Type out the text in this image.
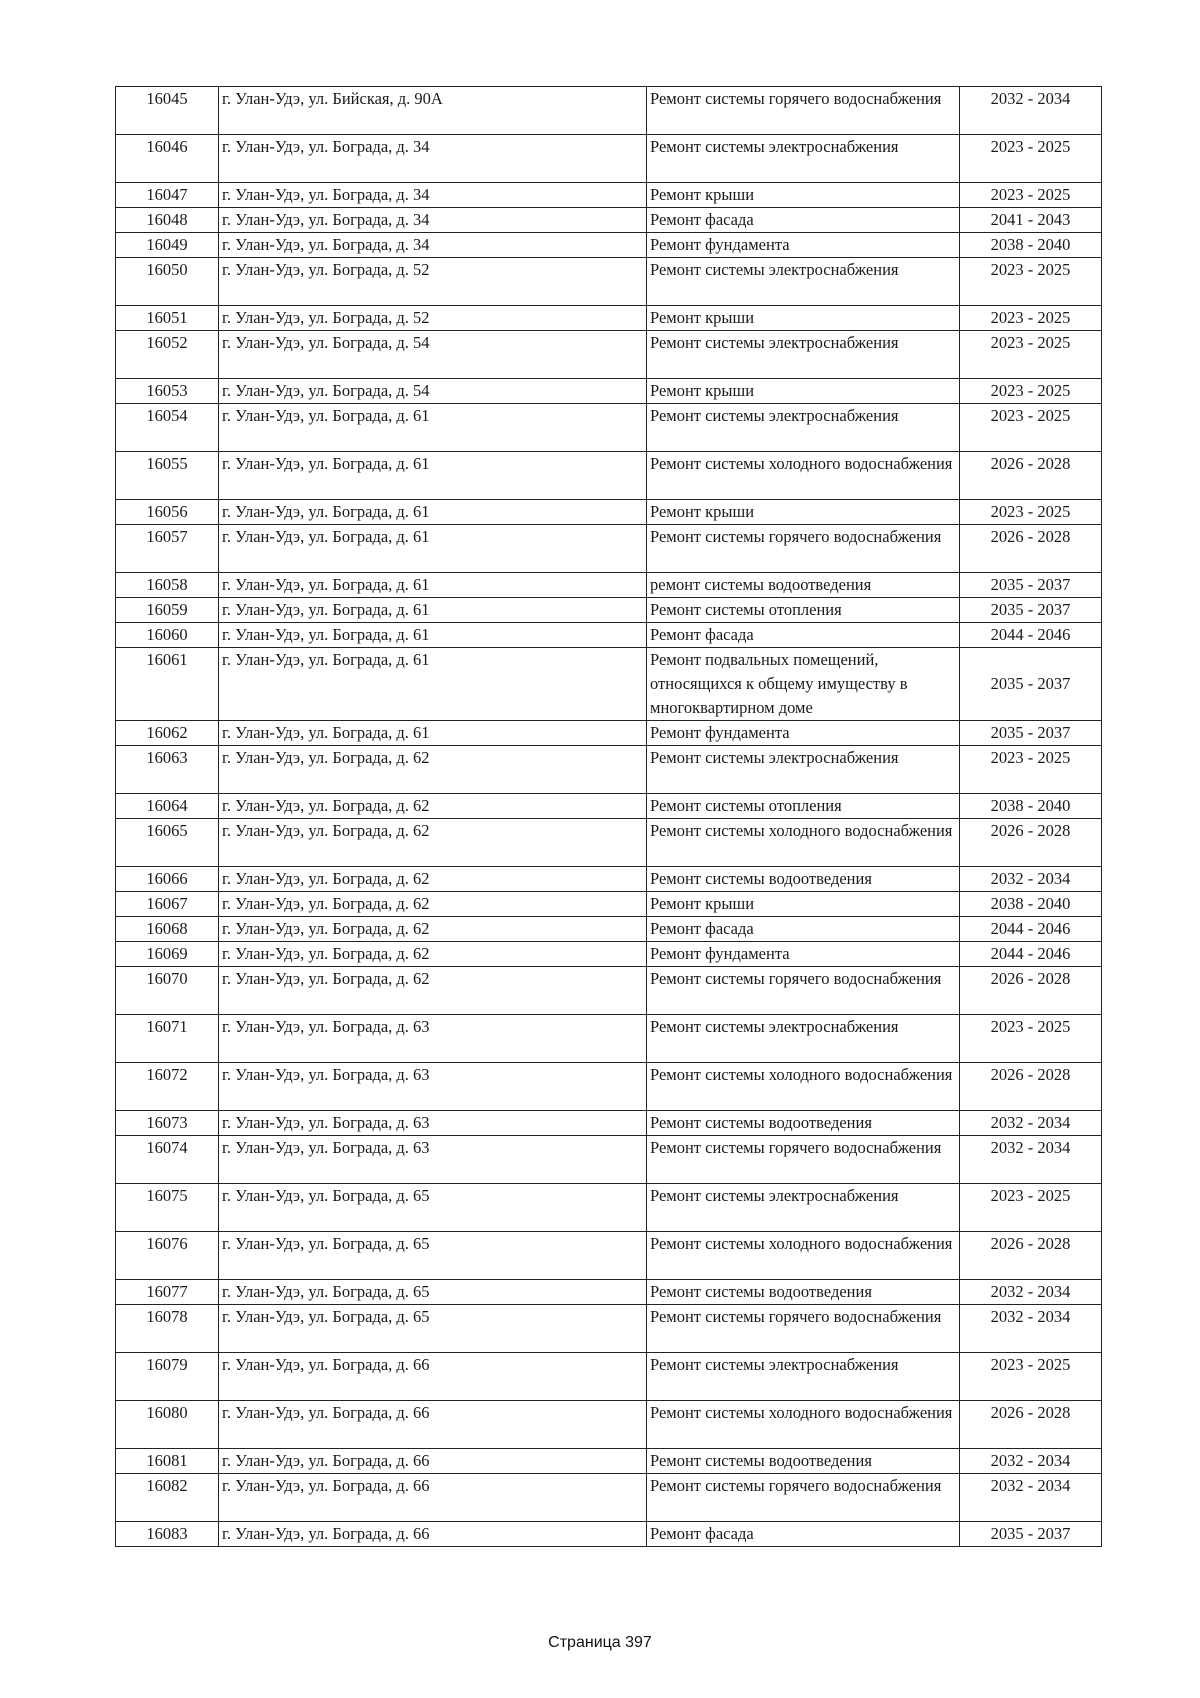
16045	г. Улан-Удэ, ул. Бийская, д. 90А	Ремонт системы горячего водоснабжения	2032 - 2034
16046	г. Улан-Удэ, ул. Бограда, д. 34	Ремонт системы электроснабжения	2023 - 2025
16047	г. Улан-Удэ, ул. Бограда, д. 34	Ремонт крыши	2023 - 2025
16048	г. Улан-Удэ, ул. Бограда, д. 34	Ремонт фасада	2041 - 2043
16049	г. Улан-Удэ, ул. Бограда, д. 34	Ремонт фундамента	2038 - 2040
16050	г. Улан-Удэ, ул. Бограда, д. 52	Ремонт системы электроснабжения	2023 - 2025
16051	г. Улан-Удэ, ул. Бограда, д. 52	Ремонт крыши	2023 - 2025
16052	г. Улан-Удэ, ул. Бограда, д. 54	Ремонт системы электроснабжения	2023 - 2025
16053	г. Улан-Удэ, ул. Бограда, д. 54	Ремонт крыши	2023 - 2025
16054	г. Улан-Удэ, ул. Бограда, д. 61	Ремонт системы электроснабжения	2023 - 2025
16055	г. Улан-Удэ, ул. Бограда, д. 61	Ремонт системы холодного водоснабжения	2026 - 2028
16056	г. Улан-Удэ, ул. Бограда, д. 61	Ремонт крыши	2023 - 2025
16057	г. Улан-Удэ, ул. Бограда, д. 61	Ремонт системы горячего водоснабжения	2026 - 2028
16058	г. Улан-Удэ, ул. Бограда, д. 61	ремонт системы водоотведения	2035 - 2037
16059	г. Улан-Удэ, ул. Бограда, д. 61	Ремонт системы отопления	2035 - 2037
16060	г. Улан-Удэ, ул. Бограда, д. 61	Ремонт фасада	2044 - 2046
16061	г. Улан-Удэ, ул. Бограда, д. 61	Ремонт подвальных помещений, относящихся к общему имуществу в многоквартирном доме	2035 - 2037
16062	г. Улан-Удэ, ул. Бограда, д. 61	Ремонт фундамента	2035 - 2037
16063	г. Улан-Удэ, ул. Бограда, д. 62	Ремонт системы электроснабжения	2023 - 2025
16064	г. Улан-Удэ, ул. Бограда, д. 62	Ремонт системы отопления	2038 - 2040
16065	г. Улан-Удэ, ул. Бограда, д. 62	Ремонт системы холодного водоснабжения	2026 - 2028
16066	г. Улан-Удэ, ул. Бограда, д. 62	Ремонт системы водоотведения	2032 - 2034
16067	г. Улан-Удэ, ул. Бограда, д. 62	Ремонт крыши	2038 - 2040
16068	г. Улан-Удэ, ул. Бограда, д. 62	Ремонт фасада	2044 - 2046
16069	г. Улан-Удэ, ул. Бограда, д. 62	Ремонт фундамента	2044 - 2046
16070	г. Улан-Удэ, ул. Бограда, д. 62	Ремонт системы горячего водоснабжения	2026 - 2028
16071	г. Улан-Удэ, ул. Бограда, д. 63	Ремонт системы электроснабжения	2023 - 2025
16072	г. Улан-Удэ, ул. Бограда, д. 63	Ремонт системы холодного водоснабжения	2026 - 2028
16073	г. Улан-Удэ, ул. Бограда, д. 63	Ремонт системы водоотведения	2032 - 2034
16074	г. Улан-Удэ, ул. Бограда, д. 63	Ремонт системы горячего водоснабжения	2032 - 2034
16075	г. Улан-Удэ, ул. Бограда, д. 65	Ремонт системы электроснабжения	2023 - 2025
16076	г. Улан-Удэ, ул. Бограда, д. 65	Ремонт системы холодного водоснабжения	2026 - 2028
16077	г. Улан-Удэ, ул. Бограда, д. 65	Ремонт системы водоотведения	2032 - 2034
16078	г. Улан-Удэ, ул. Бограда, д. 65	Ремонт системы горячего водоснабжения	2032 - 2034
16079	г. Улан-Удэ, ул. Бограда, д. 66	Ремонт системы электроснабжения	2023 - 2025
16080	г. Улан-Удэ, ул. Бограда, д. 66	Ремонт системы холодного водоснабжения	2026 - 2028
16081	г. Улан-Удэ, ул. Бограда, д. 66	Ремонт системы водоотведения	2032 - 2034
16082	г. Улан-Удэ, ул. Бограда, д. 66	Ремонт системы горячего водоснабжения	2032 - 2034
16083	г. Улан-Удэ, ул. Бограда, д. 66	Ремонт фасада	2035 - 2037
Страница 397
